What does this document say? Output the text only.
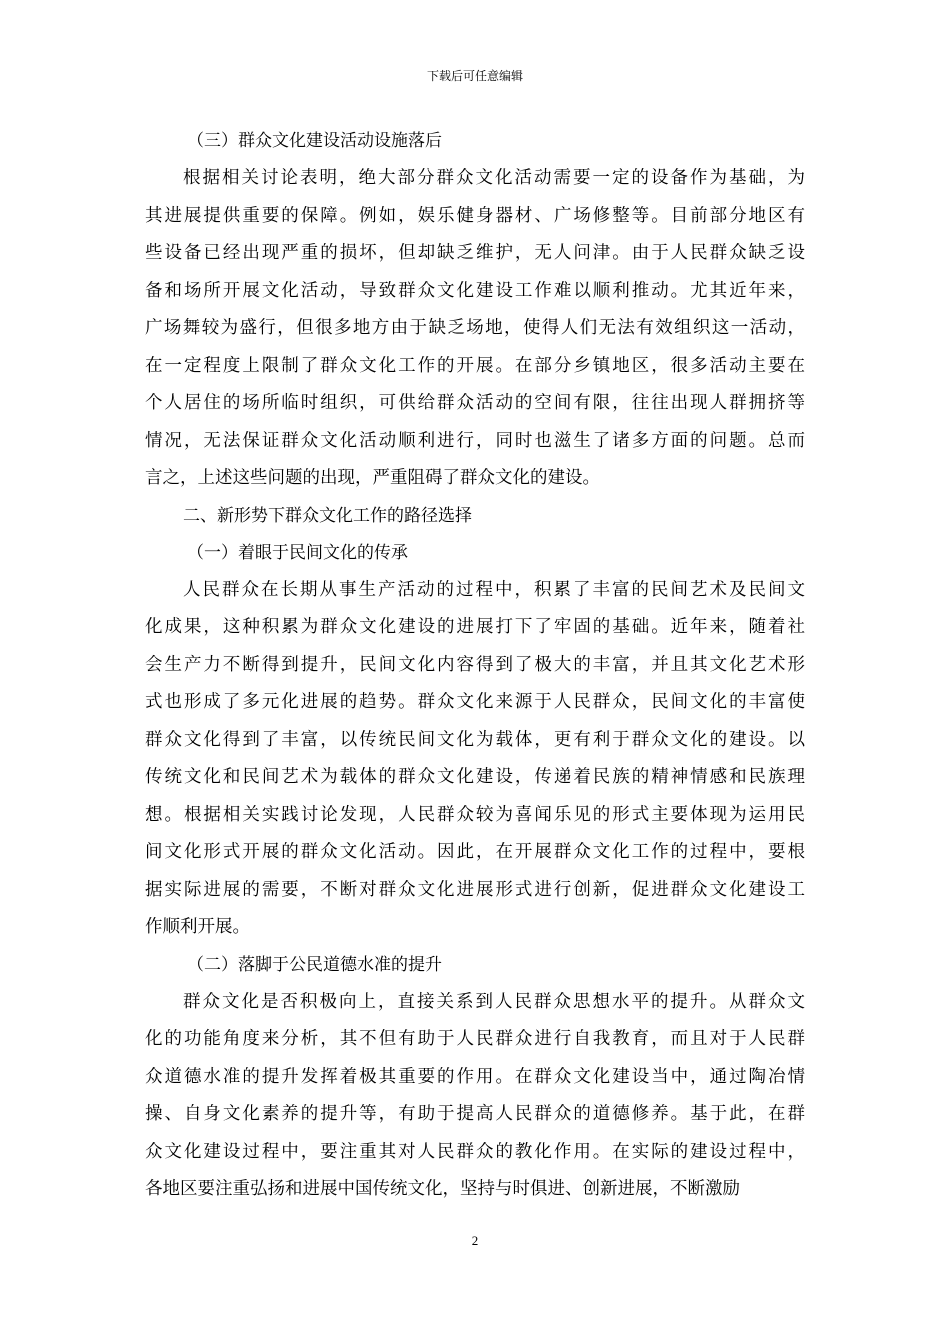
下载后可任意编辑
（三）群众文化建设活动设施落后
根据相关讨论表明，绝大部分群众文化活动需要一定的设备作为基础，为
其进展提供重要的保障。例如，娱乐健身器材、广场修整等。目前部分地区有
些设备已经出现严重的损坏，但却缺乏维护，无人问津。由于人民群众缺乏设
备和场所开展文化活动，导致群众文化建设工作难以顺利推动。尤其近年来，
广场舞较为盛行，但很多地方由于缺乏场地，使得人们无法有效组织这一活动，
在一定程度上限制了群众文化工作的开展。在部分乡镇地区，很多活动主要在
个人居住的场所临时组织，可供给群众活动的空间有限，往往出现人群拥挤等
情况，无法保证群众文化活动顺利进行，同时也滋生了诸多方面的问题。总而
言之，上述这些问题的出现，严重阻碍了群众文化的建设。
二、新形势下群众文化工作的路径选择
（一）着眼于民间文化的传承
人民群众在长期从事生产活动的过程中，积累了丰富的民间艺术及民间文
化成果，这种积累为群众文化建设的进展打下了牢固的基础。近年来，随着社
会生产力不断得到提升，民间文化内容得到了极大的丰富，并且其文化艺术形
式也形成了多元化进展的趋势。群众文化来源于人民群众，民间文化的丰富使
群众文化得到了丰富，以传统民间文化为载体，更有利于群众文化的建设。以
传统文化和民间艺术为载体的群众文化建设，传递着民族的精神情感和民族理
想。根据相关实践讨论发现，人民群众较为喜闻乐见的形式主要体现为运用民
间文化形式开展的群众文化活动。因此，在开展群众文化工作的过程中，要根
据实际进展的需要，不断对群众文化进展形式进行创新，促进群众文化建设工
作顺利开展。
（二）落脚于公民道德水准的提升
群众文化是否积极向上，直接关系到人民群众思想水平的提升。从群众文
化的功能角度来分析，其不但有助于人民群众进行自我教育，而且对于人民群
众道德水准的提升发挥着极其重要的作用。在群众文化建设当中，通过陶冶情
操、自身文化素养的提升等，有助于提高人民群众的道德修养。基于此，在群
众文化建设过程中，要注重其对人民群众的教化作用。在实际的建设过程中，
各地区要注重弘扬和进展中国传统文化，坚持与时俱进、创新进展，不断激励
2
